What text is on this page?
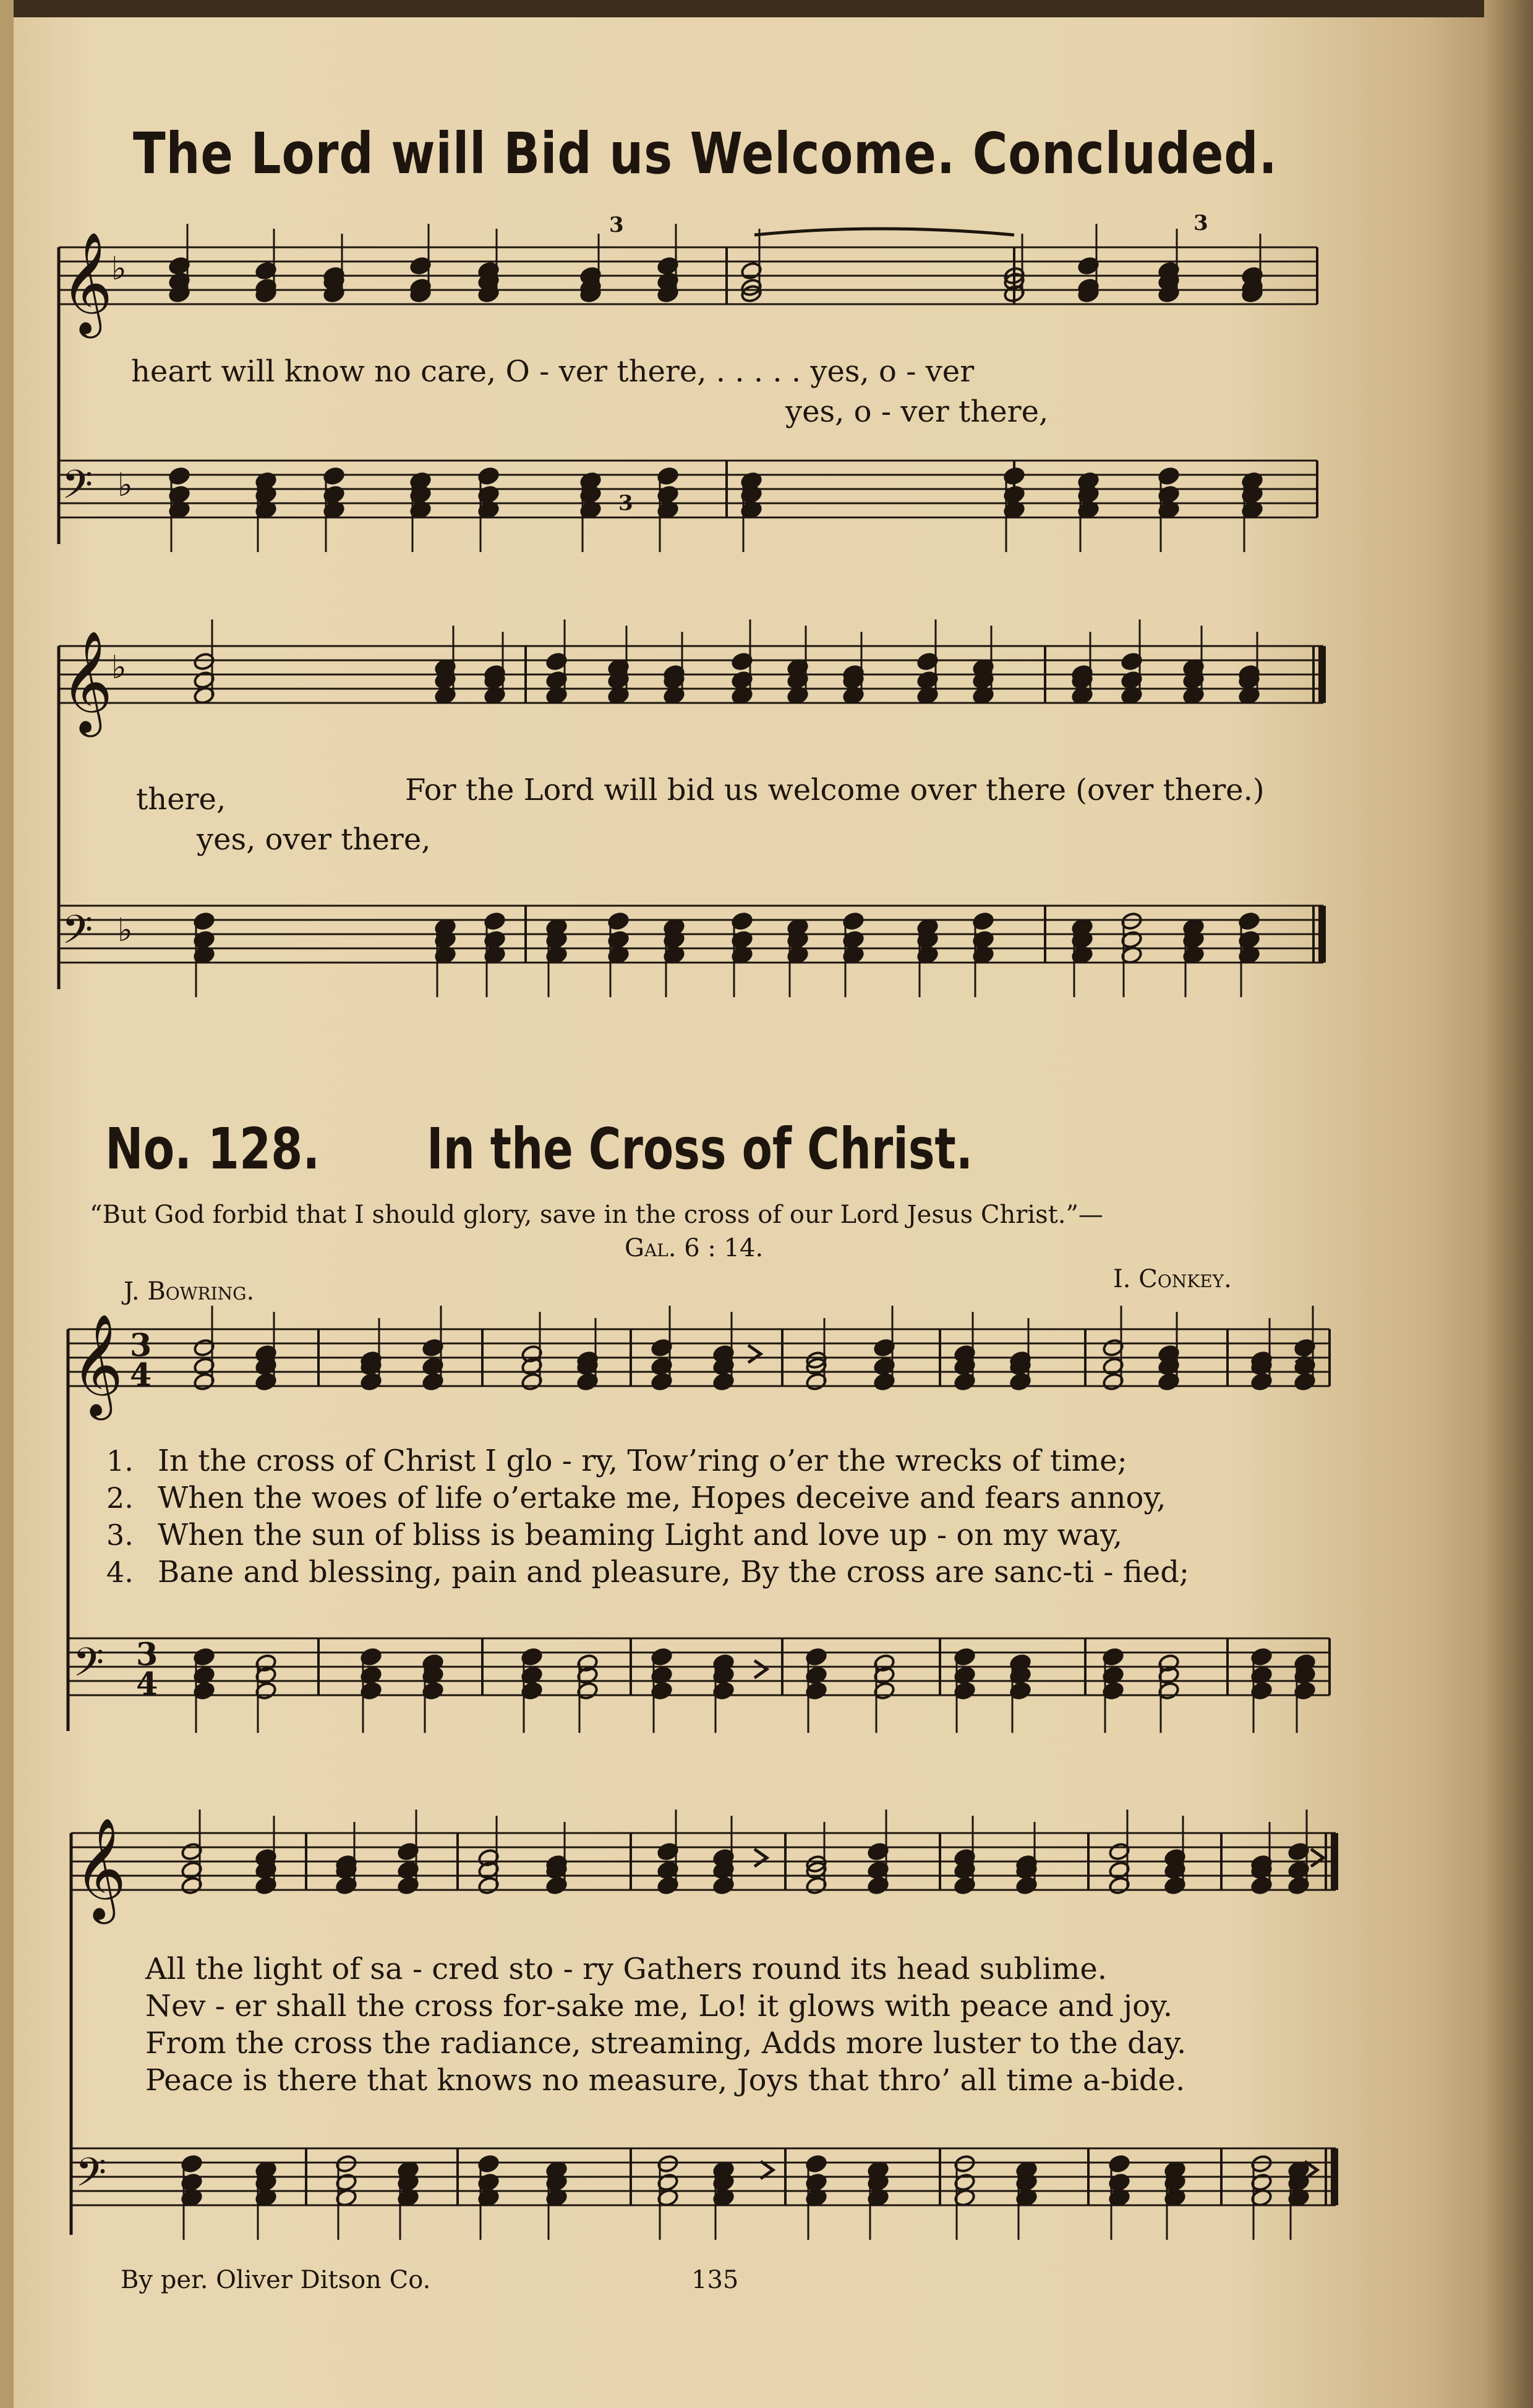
𝄞
♭
𝄢 ♭
3	3
3
𝄞
♭
𝄢 ♭
𝄞 3
4
𝄢 3
4
𝄞
𝄢
The Lord will Bid us Welcome. Concluded.
heart will know no care, O - ver there, . . . . . yes, o - ver
yes, o - ver there,
there,	For the Lord will bid us welcome over there (over there.)
yes, over there,
No. 128. In the Cross of Christ.
“But God forbid that I should glory, save in the cross of our Lord Jesus Christ.”—
Gal. 6 : 14.
J. Bowring.	I. Conkey.
1.
2.
3.
4.
In the cross of Christ I glo - ry, Tow’ring o’er the wrecks of time;
When the woes of life o’ertake me, Hopes deceive and fears annoy,
When the sun of bliss is beaming Light and love up - on my way,
Bane and blessing, pain and pleasure, By the cross are sanc-ti - fied;
All the light of sa - cred sto - ry Gathers round its head sublime.
Nev - er shall the cross for-sake me, Lo! it glows with peace and joy.
From the cross the radiance, streaming, Adds more luster to the day.
Peace is there that knows no measure, Joys that thro’ all time a-bide.
By per. Oliver Ditson Co.	135
